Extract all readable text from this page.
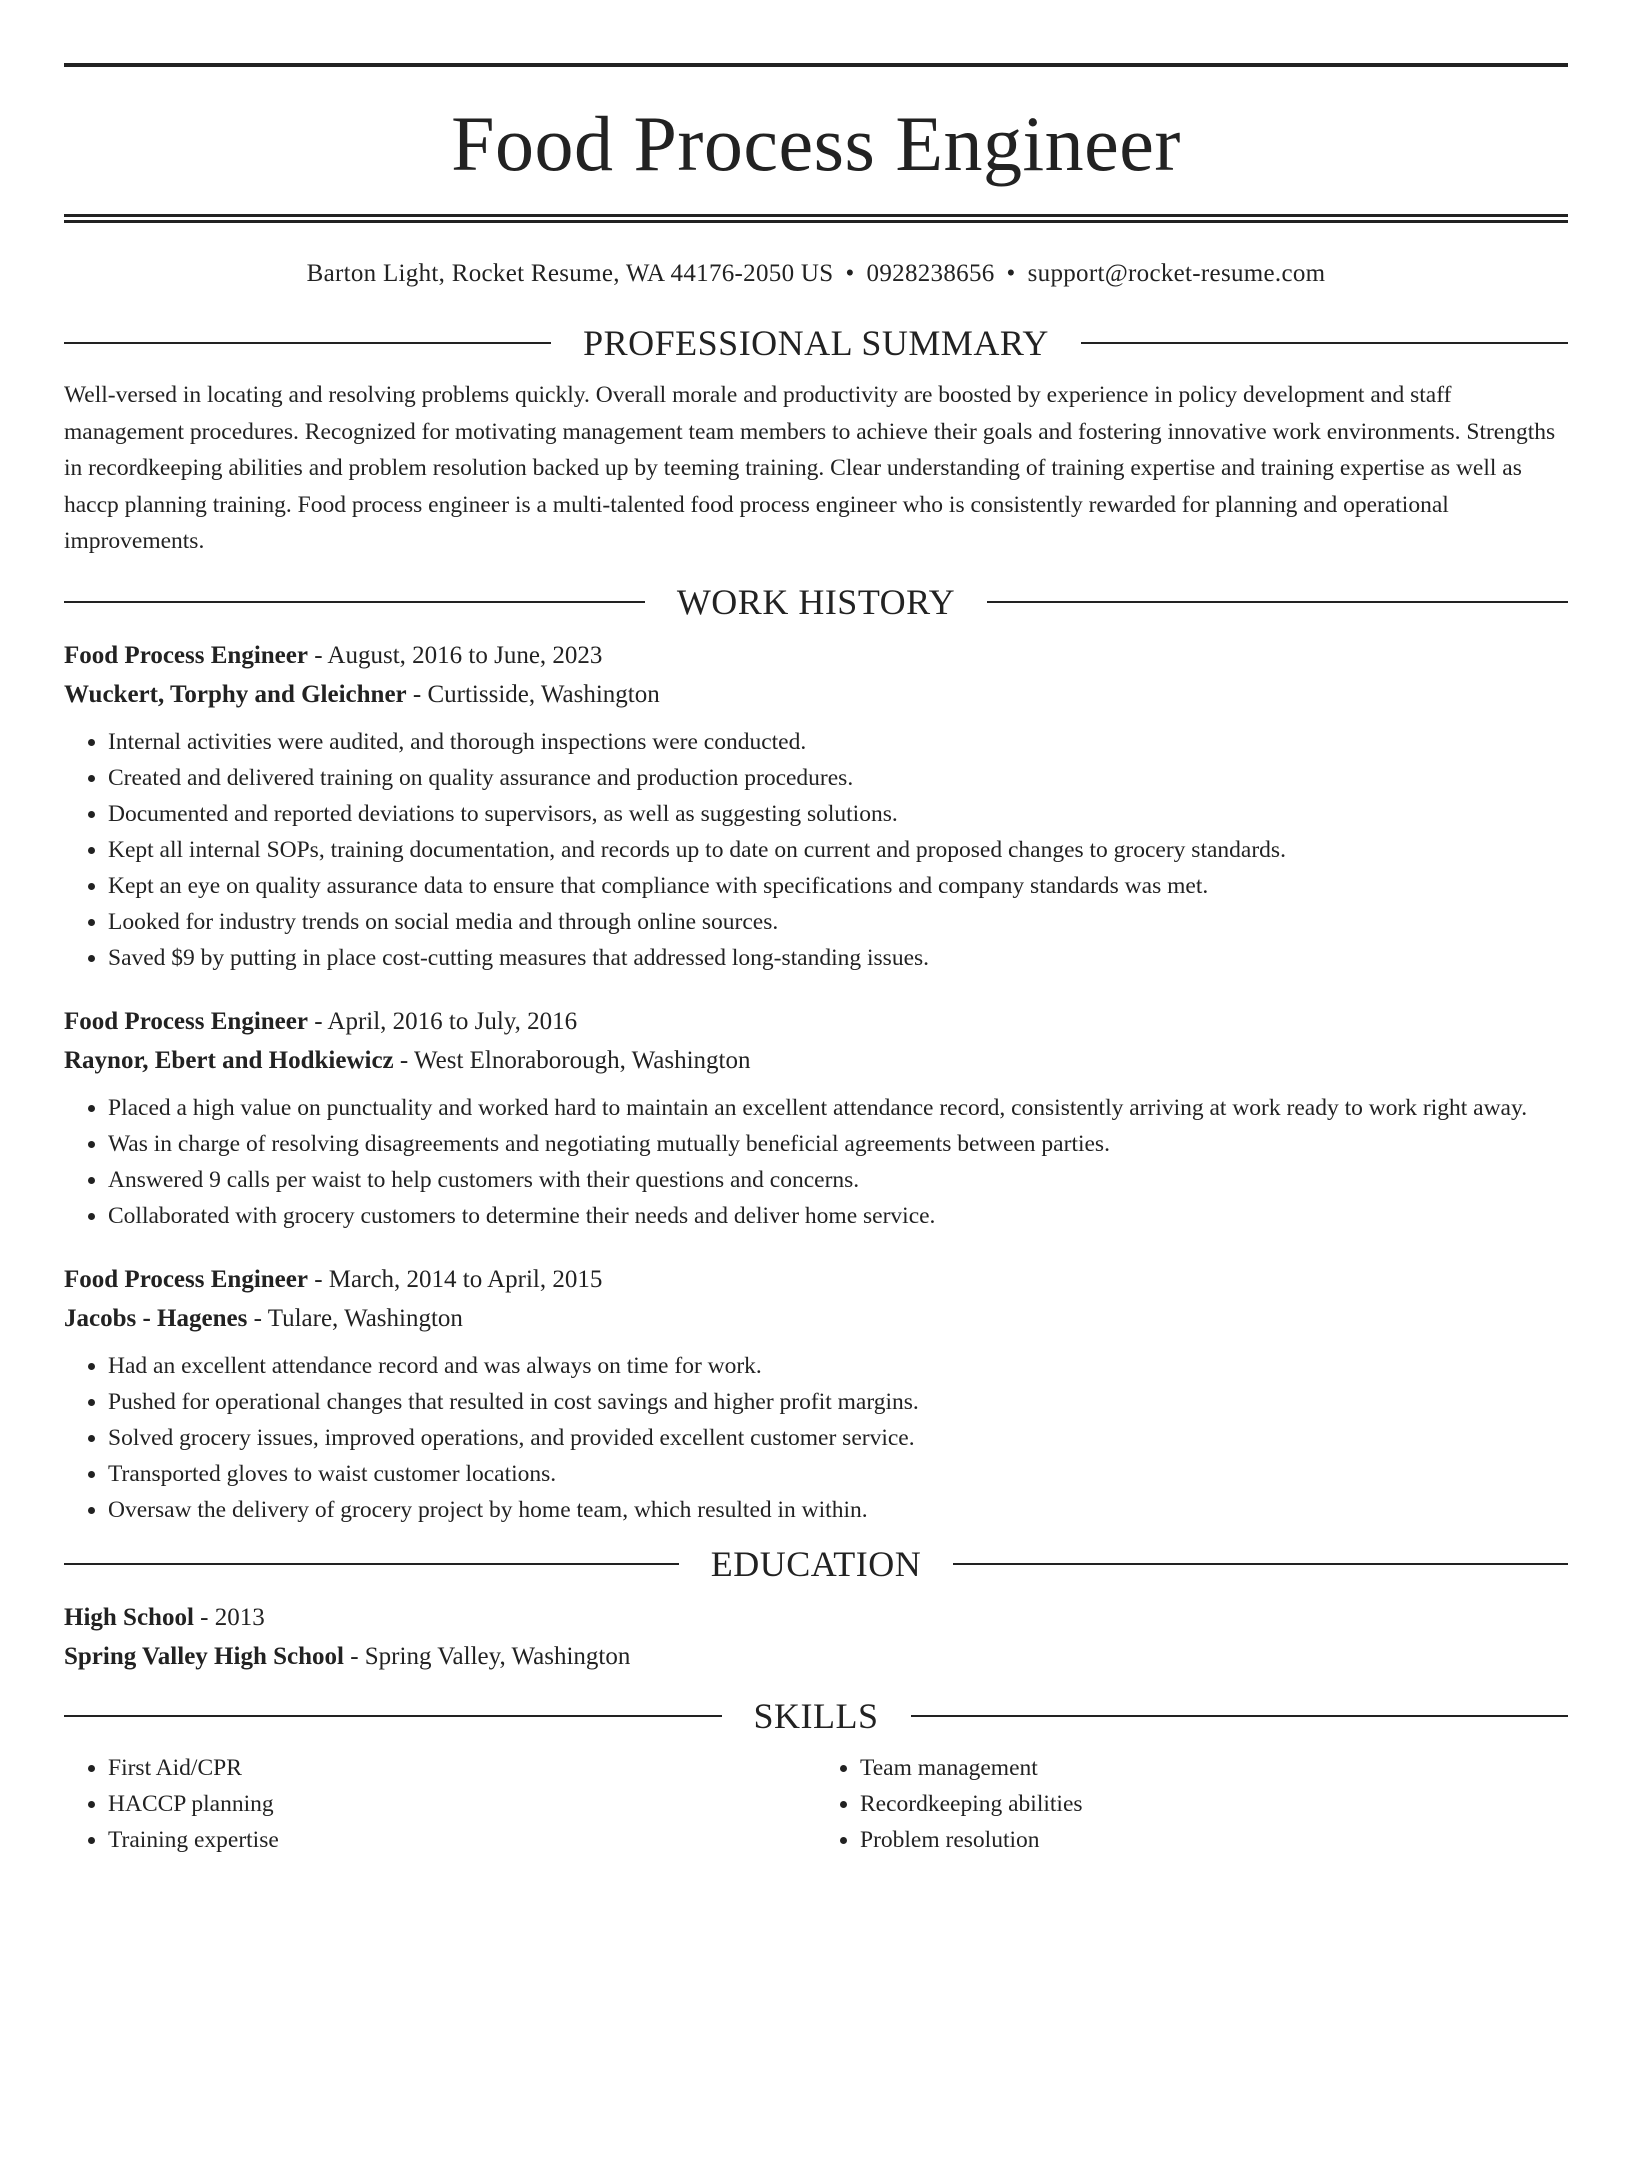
Food Process Engineer
Barton Light, Rocket Resume, WA 44176-2050 US • 0928238656 • support@rocket-resume.com
PROFESSIONAL SUMMARY

Well-versed in locating and resolving problems quickly. Overall morale and productivity are boosted by experience in policy development and staff management procedures. Recognized for motivating management team members to achieve their goals and fostering innovative work environments. Strengths in recordkeeping abilities and problem resolution backed up by teeming training. Clear understanding of training expertise and training expertise as well as haccp planning training. Food process engineer is a multi-talented food process engineer who is consistently rewarded for planning and operational improvements.

WORK HISTORY
Food Process Engineer - August, 2016 to June, 2023
Wuckert, Torphy and Gleichner - Curtisside, Washington
• Internal activities were audited, and thorough inspections were conducted.
• Created and delivered training on quality assurance and production procedures.
• Documented and reported deviations to supervisors, as well as suggesting solutions.
• Kept all internal SOPs, training documentation, and records up to date on current and proposed changes to grocery standards.
• Kept an eye on quality assurance data to ensure that compliance with specifications and company standards was met.
• Looked for industry trends on social media and through online sources.
• Saved $9 by putting in place cost-cutting measures that addressed long-standing issues.
Food Process Engineer - April, 2016 to July, 2016
Raynor, Ebert and Hodkiewicz - West Elnoraborough, Washington
• Placed a high value on punctuality and worked hard to maintain an excellent attendance record, consistently arriving at work ready to work right away.
• Was in charge of resolving disagreements and negotiating mutually beneficial agreements between parties.
• Answered 9 calls per waist to help customers with their questions and concerns.
• Collaborated with grocery customers to determine their needs and deliver home service.
Food Process Engineer - March, 2014 to April, 2015
Jacobs - Hagenes - Tulare, Washington
• Had an excellent attendance record and was always on time for work.
• Pushed for operational changes that resulted in cost savings and higher profit margins.
• Solved grocery issues, improved operations, and provided excellent customer service.
• Transported gloves to waist customer locations.
• Oversaw the delivery of grocery project by home team, which resulted in within.
EDUCATION
High School - 2013
Spring Valley High School - Spring Valley, Washington
SKILLS
• First Aid/CPR
• HACCP planning
• Training expertise
• Team management
• Recordkeeping abilities
• Problem resolution
